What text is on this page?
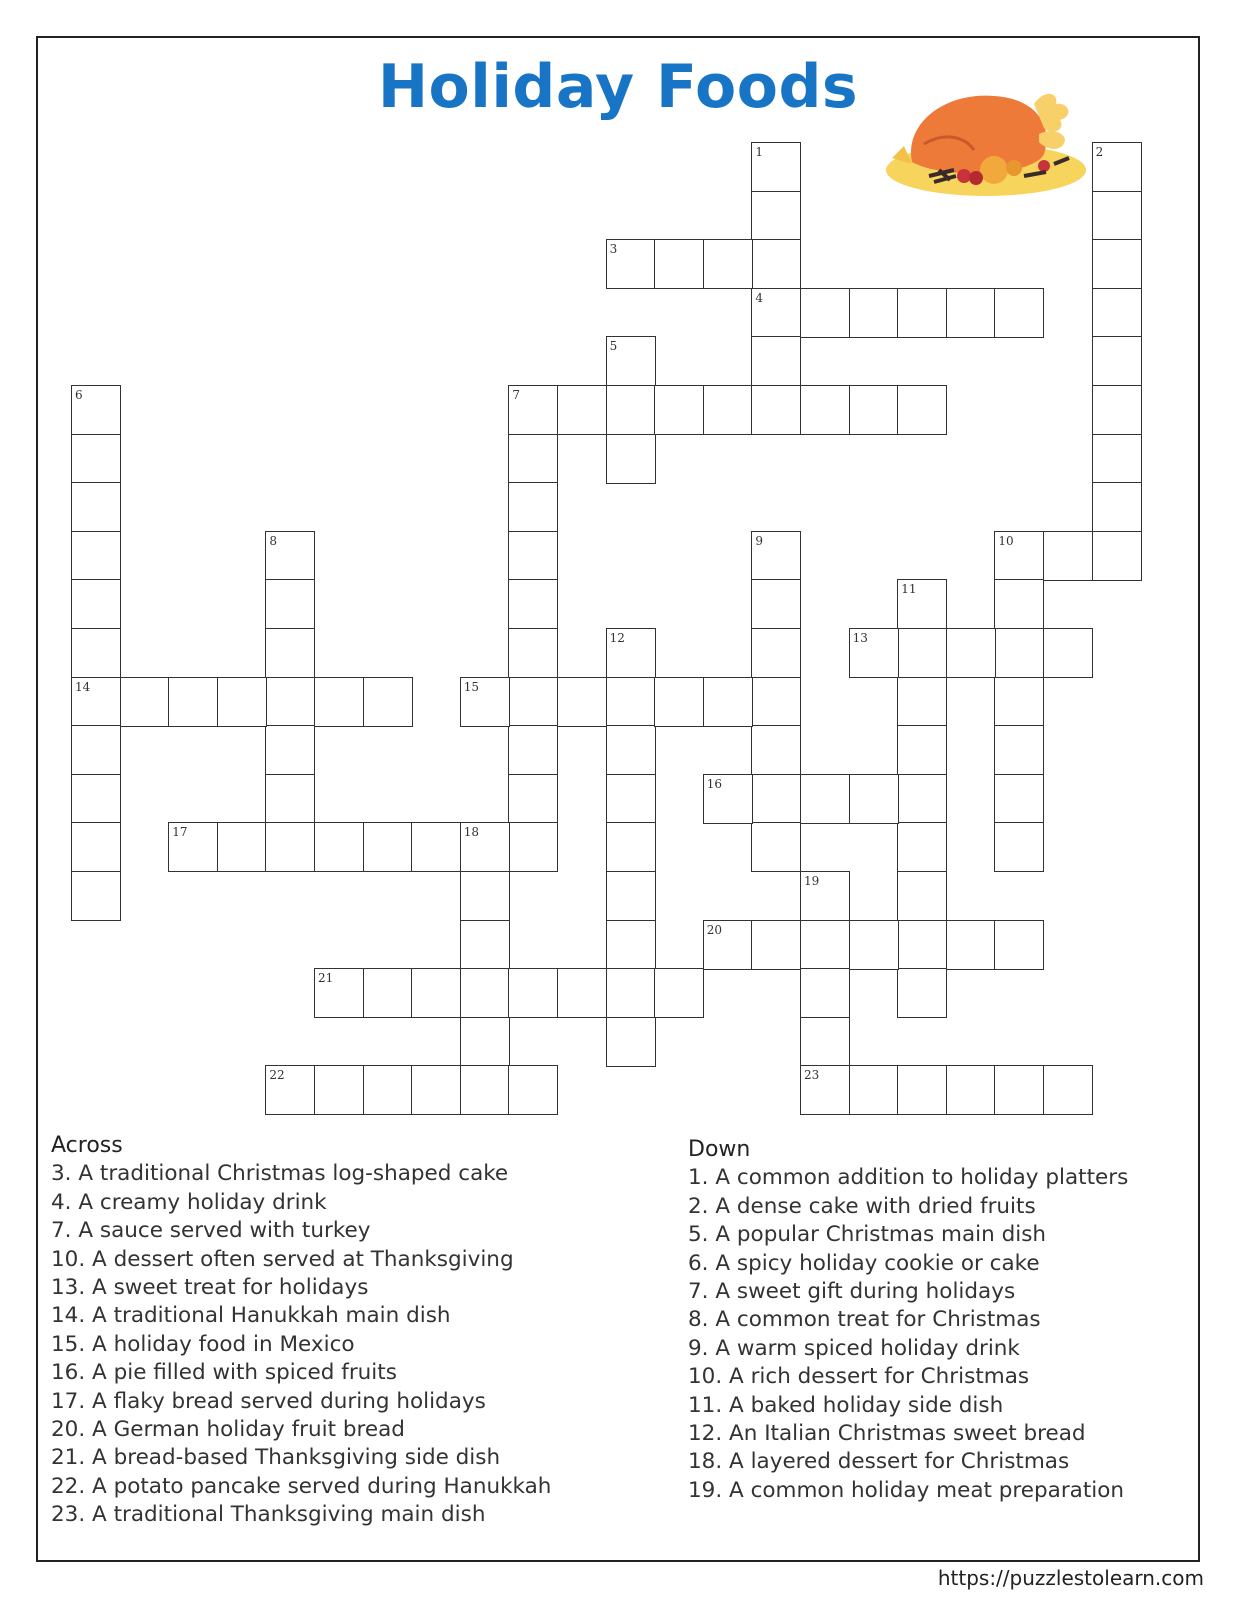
Holiday Foods
1
4
2
3
5
6
14
7
8	9	10
11
12	13
15
16
17	18
19
23
20
21
22
Across
3. A traditional Christmas log-shaped cake
4. A creamy holiday drink
7. A sauce served with turkey
10. A dessert often served at Thanksgiving
13. A sweet treat for holidays
14. A traditional Hanukkah main dish
15. A holiday food in Mexico
16. A pie filled with spiced fruits
17. A flaky bread served during holidays
20. A German holiday fruit bread
21. A bread-based Thanksgiving side dish
22. A potato pancake served during Hanukkah
23. A traditional Thanksgiving main dish
Down
1. A common addition to holiday platters
2. A dense cake with dried fruits
5. A popular Christmas main dish
6. A spicy holiday cookie or cake
7. A sweet gift during holidays
8. A common treat for Christmas
9. A warm spiced holiday drink
10. A rich dessert for Christmas
11. A baked holiday side dish
12. An Italian Christmas sweet bread
18. A layered dessert for Christmas
19. A common holiday meat preparation
https://puzzlestolearn.com
